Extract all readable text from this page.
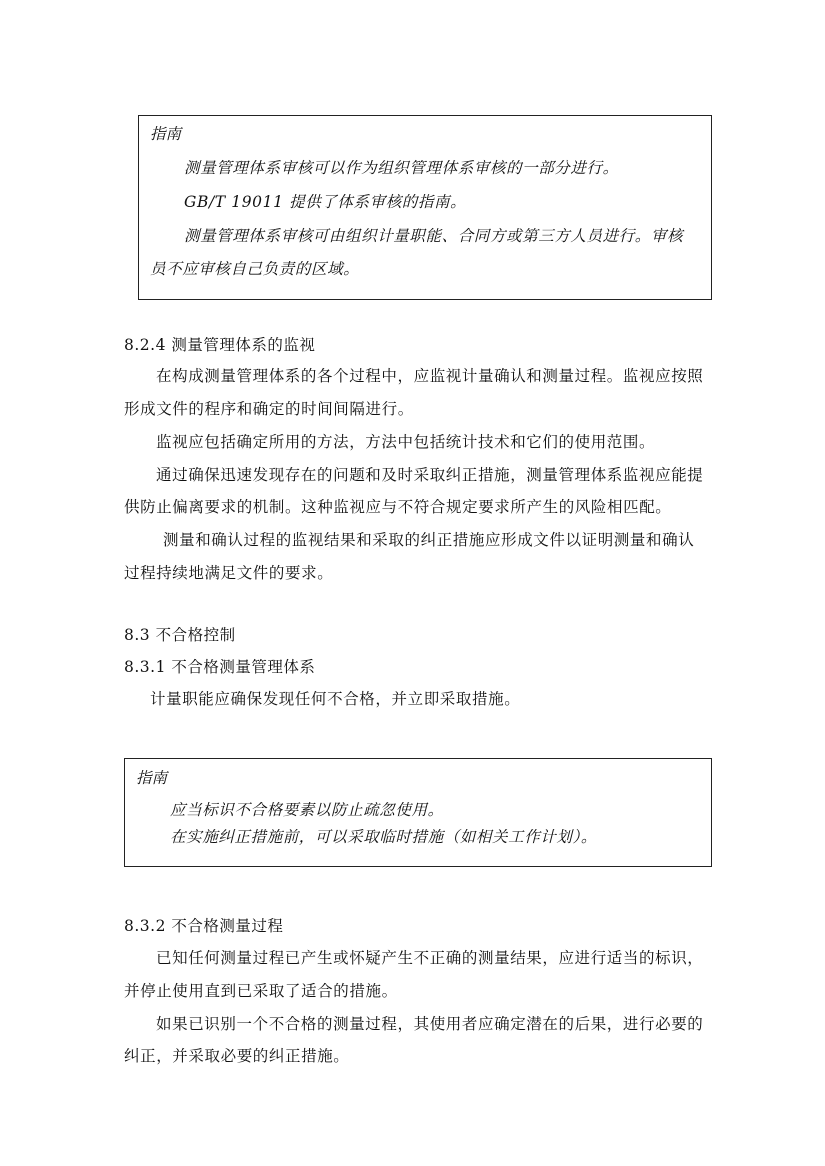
指南
测量管理体系审核可以作为组织管理体系审核的一部分进行。
GB/T 19011 提供了体系审核的指南。
测量管理体系审核可由组织计量职能、合同方或第三方人员进行。审核
员不应审核自己负责的区域。
8.2.4 测量管理体系的监视
在构成测量管理体系的各个过程中，应监视计量确认和测量过程。监视应按照
形成文件的程序和确定的时间间隔进行。
监视应包括确定所用的方法，方法中包括统计技术和它们的使用范围。
通过确保迅速发现存在的问题和及时采取纠正措施，测量管理体系监视应能提
供防止偏离要求的机制。这种监视应与不符合规定要求所产生的风险相匹配。
测量和确认过程的监视结果和采取的纠正措施应形成文件以证明测量和确认
过程持续地满足文件的要求。
8.3 不合格控制
8.3.1 不合格测量管理体系
计量职能应确保发现任何不合格，并立即采取措施。
指南
应当标识不合格要素以防止疏忽使用。
在实施纠正措施前，可以采取临时措施（如相关工作计划）。
8.3.2 不合格测量过程
已知任何测量过程已产生或怀疑产生不正确的测量结果，应进行适当的标识，
并停止使用直到已采取了适合的措施。
如果已识别一个不合格的测量过程，其使用者应确定潜在的后果，进行必要的
纠正，并采取必要的纠正措施。
